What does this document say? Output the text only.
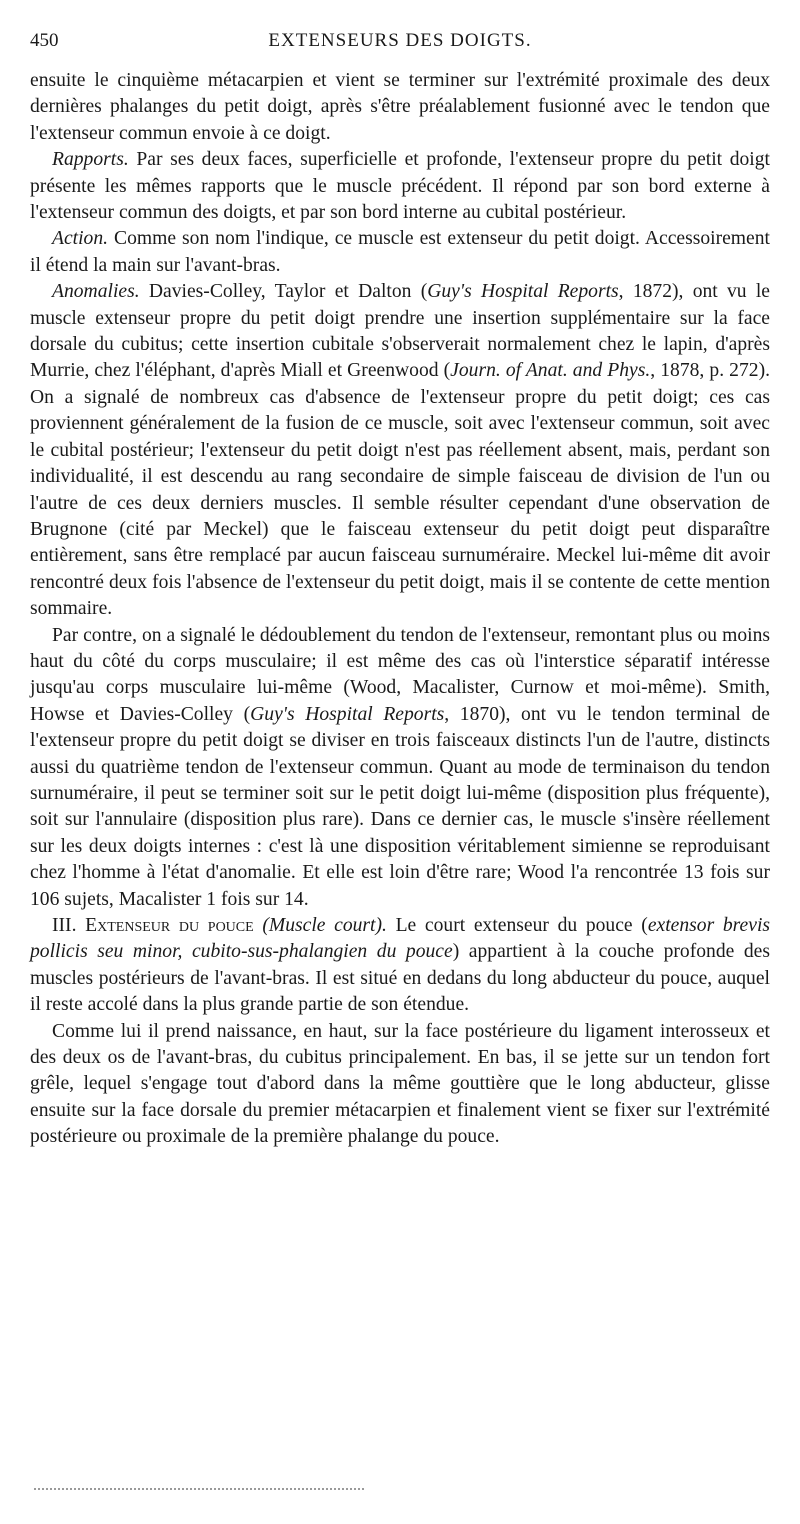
450	EXTENSEURS DES DOIGTS.

ensuite le cinquième métacarpien et vient se terminer sur l'extrémité proximale des deux dernières phalanges du petit doigt, après s'être préalablement fusionné avec le tendon que l'extenseur commun envoie à ce doigt.

Rapports. Par ses deux faces, superficielle et profonde, l'extenseur propre du petit doigt présente les mêmes rapports que le muscle précédent. Il répond par son bord externe à l'extenseur commun des doigts, et par son bord interne au cubital postérieur.

Action. Comme son nom l'indique, ce muscle est extenseur du petit doigt. Accessoirement il étend la main sur l'avant-bras.

Anomalies. Davies-Colley, Taylor et Dalton (Guy's Hospital Reports, 1872), ont vu le muscle extenseur propre du petit doigt prendre une insertion supplémentaire sur la face dorsale du cubitus; cette insertion cubitale s'observerait normalement chez le lapin, d'après Murrie, chez l'éléphant, d'après Miall et Greenwood (Journ. of Anat. and Phys., 1878, p. 272). On a signalé de nombreux cas d'absence de l'extenseur propre du petit doigt; ces cas proviennent généralement de la fusion de ce muscle, soit avec l'extenseur commun, soit avec le cubital postérieur; l'extenseur du petit doigt n'est pas réellement absent, mais, perdant son individualité, il est descendu au rang secondaire de simple faisceau de division de l'un ou l'autre de ces deux derniers muscles. Il semble résulter cependant d'une observation de Brugnone (cité par Meckel) que le faisceau extenseur du petit doigt peut disparaître entièrement, sans être remplacé par aucun faisceau surnuméraire. Meckel lui-même dit avoir rencontré deux fois l'absence de l'extenseur du petit doigt, mais il se contente de cette mention sommaire.

Par contre, on a signalé le dédoublement du tendon de l'extenseur, remontant plus ou moins haut du côté du corps musculaire; il est même des cas où l'interstice séparatif intéresse jusqu'au corps musculaire lui-même (Wood, Macalister, Curnow et moi-même). Smith, Howse et Davies-Colley (Guy's Hospital Reports, 1870), ont vu le tendon terminal de l'extenseur propre du petit doigt se diviser en trois faisceaux distincts l'un de l'autre, distincts aussi du quatrième tendon de l'extenseur commun. Quant au mode de terminaison du tendon surnuméraire, il peut se terminer soit sur le petit doigt lui-même (disposition plus fréquente), soit sur l'annulaire (disposition plus rare). Dans ce dernier cas, le muscle s'insère réellement sur les deux doigts internes : c'est là une disposition véritablement simienne se reproduisant chez l'homme à l'état d'anomalie. Et elle est loin d'être rare; Wood l'a rencontrée 13 fois sur 106 sujets, Macalister 1 fois sur 14.

III. Extenseur du pouce (Muscle court). Le court extenseur du pouce (extensor brevis pollicis seu minor, cubito-sus-phalangien du pouce) appartient à la couche profonde des muscles postérieurs de l'avant-bras. Il est situé en dedans du long abducteur du pouce, auquel il reste accolé dans la plus grande partie de son étendue.

Comme lui il prend naissance, en haut, sur la face postérieure du ligament interosseux et des deux os de l'avant-bras, du cubitus principalement. En bas, il se jette sur un tendon fort grêle, lequel s'engage tout d'abord dans la même gouttière que le long abducteur, glisse ensuite sur la face dorsale du premier métacarpien et finalement vient se fixer sur l'extrémité postérieure ou proximale de la première phalange du pouce.
